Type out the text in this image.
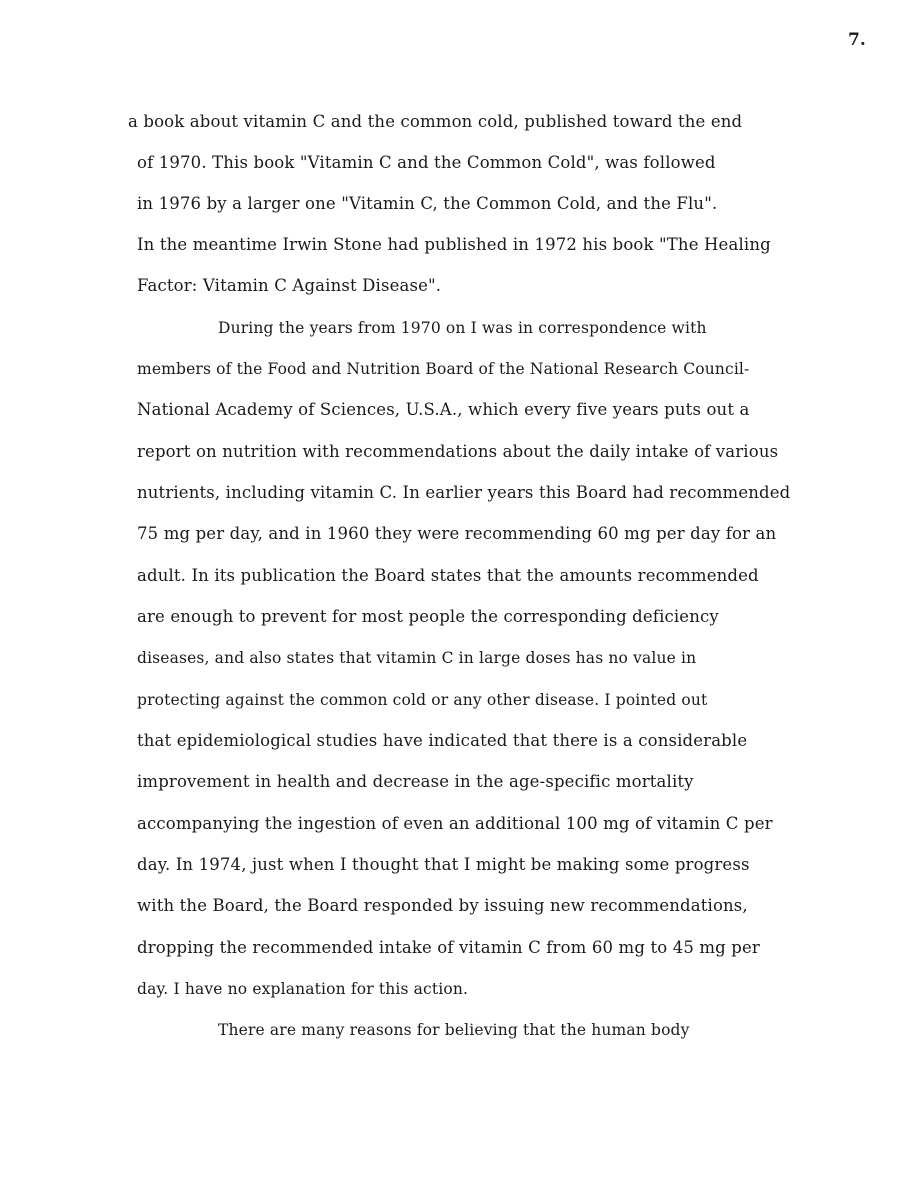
7.
a book about vitamin C and the common cold, published toward the end
of 1970. This book "Vitamin C and the Common Cold", was followed
in 1976 by a larger one "Vitamin C, the Common Cold, and the Flu".
In the meantime Irwin Stone had published in 1972 his book "The Healing
Factor: Vitamin C Against Disease".
During the years from 1970 on I was in correspondence with
members of the Food and Nutrition Board of the National Research Council-
National Academy of Sciences, U.S.A., which every five years puts out a
report on nutrition with recommendations about the daily intake of various
nutrients, including vitamin C. In earlier years this Board had recommended
75 mg per day, and in 1960 they were recommending 60 mg per day for an
adult. In its publication the Board states that the amounts recommended
are enough to prevent for most people the corresponding deficiency
diseases, and also states that vitamin C in large doses has no value in
protecting against the common cold or any other disease. I pointed out
that epidemiological studies have indicated that there is a considerable
improvement in health and decrease in the age-specific mortality
accompanying the ingestion of even an additional 100 mg of vitamin C per
day. In 1974, just when I thought that I might be making some progress
with the Board, the Board responded by issuing new recommendations,
dropping the recommended intake of vitamin C from 60 mg to 45 mg per
day. I have no explanation for this action.
There are many reasons for believing that the human body
